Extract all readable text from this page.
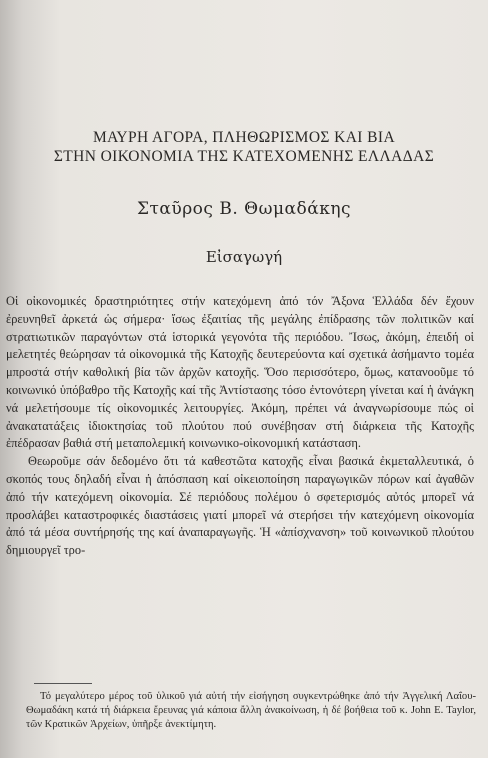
ΜΑΥΡΗ ΑΓΟΡΑ, ΠΛΗΘΩΡΙΣΜΟΣ ΚΑΙ ΒΙΑ
ΣΤΗΝ ΟΙΚΟΝΟΜΙΑ ΤΗΣ ΚΑΤΕΧΟΜΕΝΗΣ ΕΛΛΑΔΑΣ
Σταῦρος Β. Θωμαδάκης
Εἰσαγωγή

Οἱ οἰκονομικές δραστηριότητες στήν κατεχόμενη ἀπό τόν Ἄξονα Ἑλλάδα δέν ἔχουν ἐρευνηθεῖ ἀρκετά ὡς σήμερα· ἴσως ἐξαιτίας τῆς μεγάλης ἐπίδρασης τῶν πολιτικῶν καί στρατιωτικῶν παραγόντων στά ἱστορικά γεγονότα τῆς περιόδου. Ἴσως, ἀκόμη, ἐπειδή οἱ μελετητές θεώρησαν τά οἰκονομικά τῆς Κατοχῆς δευτερεύοντα καί σχετικά ἀσήμαντο τομέα μπροστά στήν καθολική βία τῶν ἀρχῶν κατοχῆς. Ὅσο περισσότερο, ὅμως, κατανοοῦμε τό κοινωνικό ὑπόβαθρο τῆς Κατοχῆς καί τῆς Ἀντίστασης τόσο ἐντονότερη γίνεται καί ἡ ἀνάγκη νά μελετήσουμε τίς οἰκονομικές λειτουργίες. Ἀκόμη, πρέπει νά ἀναγνωρίσουμε πώς οἱ ἀνακατατάξεις ἰδιοκτησίας τοῦ πλούτου πού συνέβησαν στή διάρκεια τῆς Κατοχῆς ἐπέδρασαν βαθιά στή μεταπολεμική κοινωνικο-οἰκονομική κατάσταση.

Θεωροῦμε σάν δεδομένο ὅτι τά καθεστῶτα κατοχῆς εἶναι βασικά ἐκμεταλλευτικά, ὁ σκοπός τους δηλαδή εἶναι ἡ ἀπόσπαση καί οἰκειοποίηση παραγωγικῶν πόρων καί ἀγαθῶν ἀπό τήν κατεχόμενη οἰκονομία. Σέ περιόδους πολέμου ὁ σφετερισμός αὐτός μπορεῖ νά προσλάβει καταστροφικές διαστάσεις γιατί μπορεῖ νά στερήσει τήν κατεχόμενη οἰκονομία ἀπό τά μέσα συντήρησής της καί ἀναπαραγωγῆς. Ἡ «ἀπίσχνανση» τοῦ κοινωνικοῦ πλούτου δημιουργεῖ τρο-

Τό μεγαλύτερο μέρος τοῦ ὑλικοῦ γιά αὐτή τήν εἰσήγηση συγκεντρώθηκε ἀπό τήν Ἀγγελική Λαΐου-Θωμαδάκη κατά τή διάρκεια ἔρευνας γιά κάποια ἄλλη ἀνακοίνωση, ἡ δέ βοήθεια τοῦ κ. John E. Taylor, τῶν Κρατικῶν Ἀρχείων, ὑπῆρξε ἀνεκτίμητη.
